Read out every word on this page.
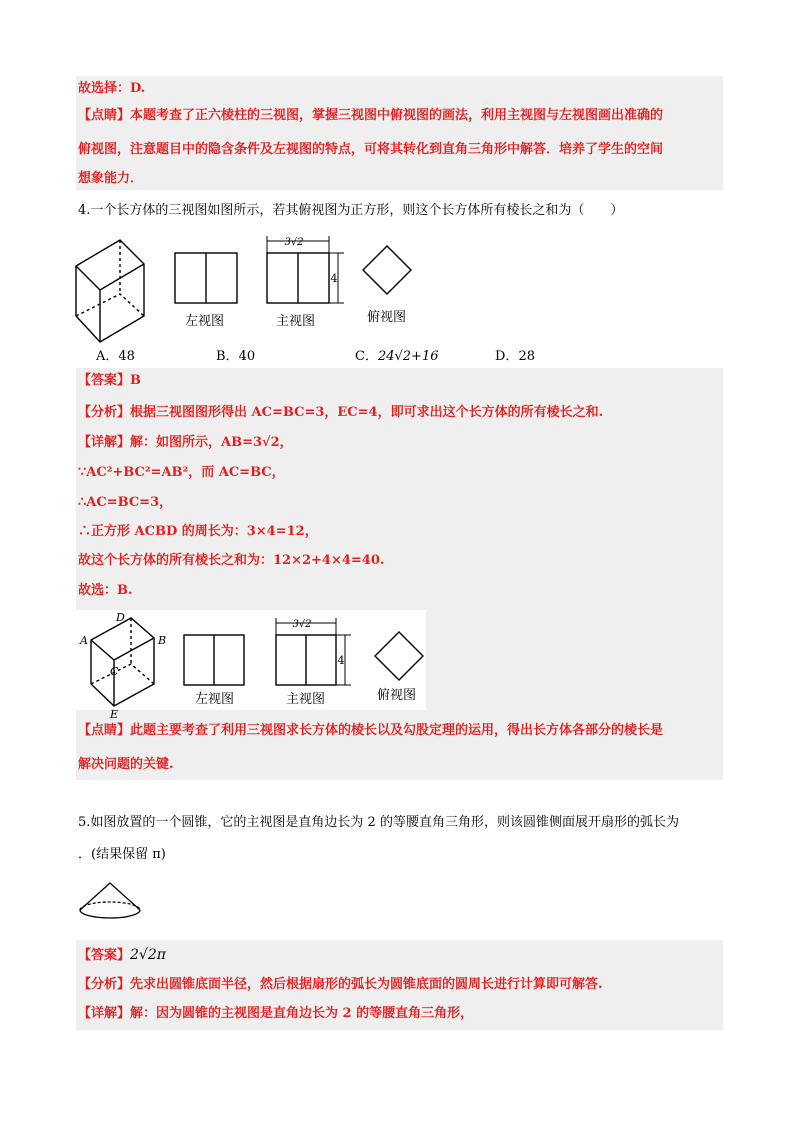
故选择：D.
【点睛】本题考查了正六棱柱的三视图，掌握三视图中俯视图的画法，利用主视图与左视图画出准确的
俯视图，注意题目中的隐含条件及左视图的特点，可将其转化到直角三角形中解答．培养了学生的空间
想象能力．
4.一个长方体的三视图如图所示，若其俯视图为正方形，则这个长方体所有棱长之和为（　　）
3√2
4
左视图	主视图	俯视图
A．48	B．40	C．24√2+16	D．28
【答案】B
【分析】根据三视图图形得出 AC=BC=3，EC=4，即可求出这个长方体的所有棱长之和.
【详解】解：如图所示，AB=3√2，
∵AC²+BC²=AB²，而 AC=BC，
∴AC=BC=3，
∴正方形 ACBD 的周长为：3×4=12，
故这个长方体的所有棱长之和为：12×2+4×4=40.
故选：B.
D
A	B
C
E
3√2
4
左视图	主视图	俯视图
【点睛】此题主要考查了利用三视图求长方体的棱长以及勾股定理的运用，得出长方体各部分的棱长是
解决问题的关键.
5.如图放置的一个圆锥，它的主视图是直角边长为 2 的等腰直角三角形，则该圆锥侧面展开扇形的弧长为
．(结果保留 π)
【答案】2√2π
【分析】先求出圆锥底面半径，然后根据扇形的弧长为圆锥底面的圆周长进行计算即可解答.
【详解】解：因为圆锥的主视图是直角边长为 2 的等腰直角三角形，
